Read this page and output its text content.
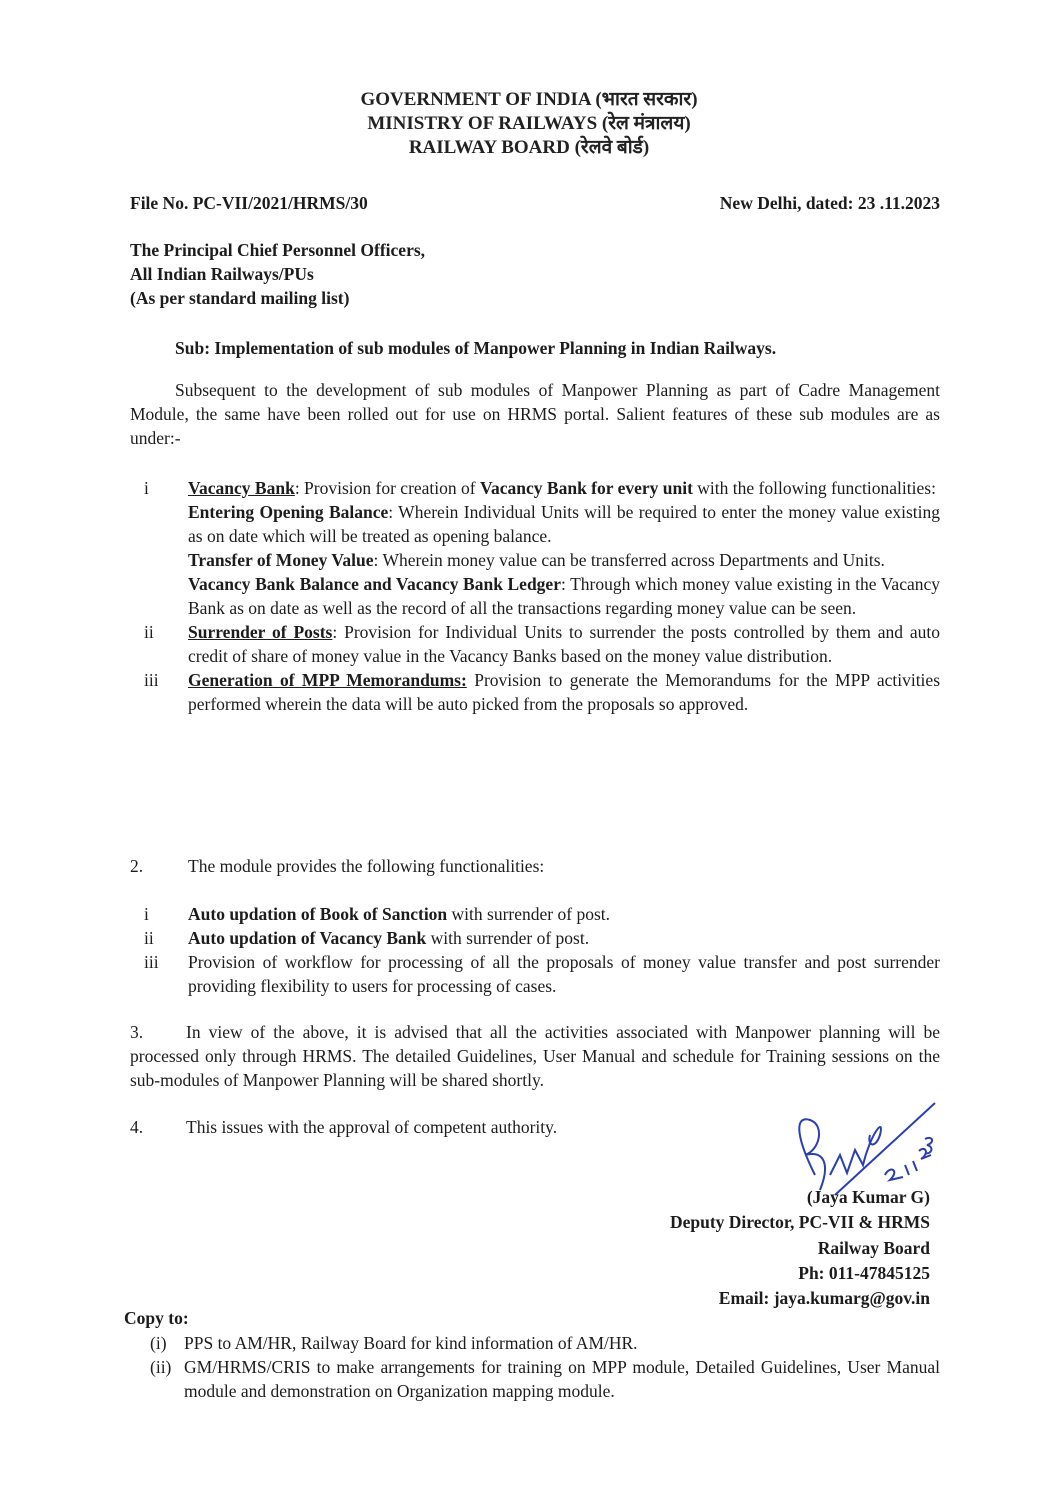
GOVERNMENT OF INDIA (भारत सरकार)
MINISTRY OF RAILWAYS (रेल मंत्रालय)
RAILWAY BOARD (रेलवे बोर्ड)
File No. PC-VII/2021/HRMS/30	New Delhi, dated: 23 .11.2023
The Principal Chief Personnel Officers,
All Indian Railways/PUs
(As per standard mailing list)
Sub: Implementation of sub modules of Manpower Planning in Indian Railways.
Subsequent to the development of sub modules of Manpower Planning as part of Cadre Management Module, the same have been rolled out for use on HRMS portal. Salient features of these sub modules are as under:-
i	Vacancy Bank: Provision for creation of Vacancy Bank for every unit with the following functionalities:
Entering Opening Balance: Wherein Individual Units will be required to enter the money value existing as on date which will be treated as opening balance.
Transfer of Money Value: Wherein money value can be transferred across Departments and Units.
Vacancy Bank Balance and Vacancy Bank Ledger: Through which money value existing in the Vacancy Bank as on date as well as the record of all the transactions regarding money value can be seen.
ii	Surrender of Posts: Provision for Individual Units to surrender the posts controlled by them and auto credit of share of money value in the Vacancy Banks based on the money value distribution.
iii	Generation of MPP Memorandums: Provision to generate the Memorandums for the MPP activities performed wherein the data will be auto picked from the proposals so approved.
2.	The module provides the following functionalities:
i	Auto updation of Book of Sanction with surrender of post.
ii	Auto updation of Vacancy Bank with surrender of post.
iii	Provision of workflow for processing of all the proposals of money value transfer and post surrender providing flexibility to users for processing of cases.
3. In view of the above, it is advised that all the activities associated with Manpower planning will be processed only through HRMS. The detailed Guidelines, User Manual and schedule for Training sessions on the sub-modules of Manpower Planning will be shared shortly.
4. This issues with the approval of competent authority.
(Jaya Kumar G)
Deputy Director, PC-VII & HRMS
Railway Board
Ph: 011-47845125
Email: jaya.kumarg@gov.in
Copy to:
(i) PPS to AM/HR, Railway Board for kind information of AM/HR.
(ii) GM/HRMS/CRIS to make arrangements for training on MPP module, Detailed Guidelines, User Manual module and demonstration on Organization mapping module.
